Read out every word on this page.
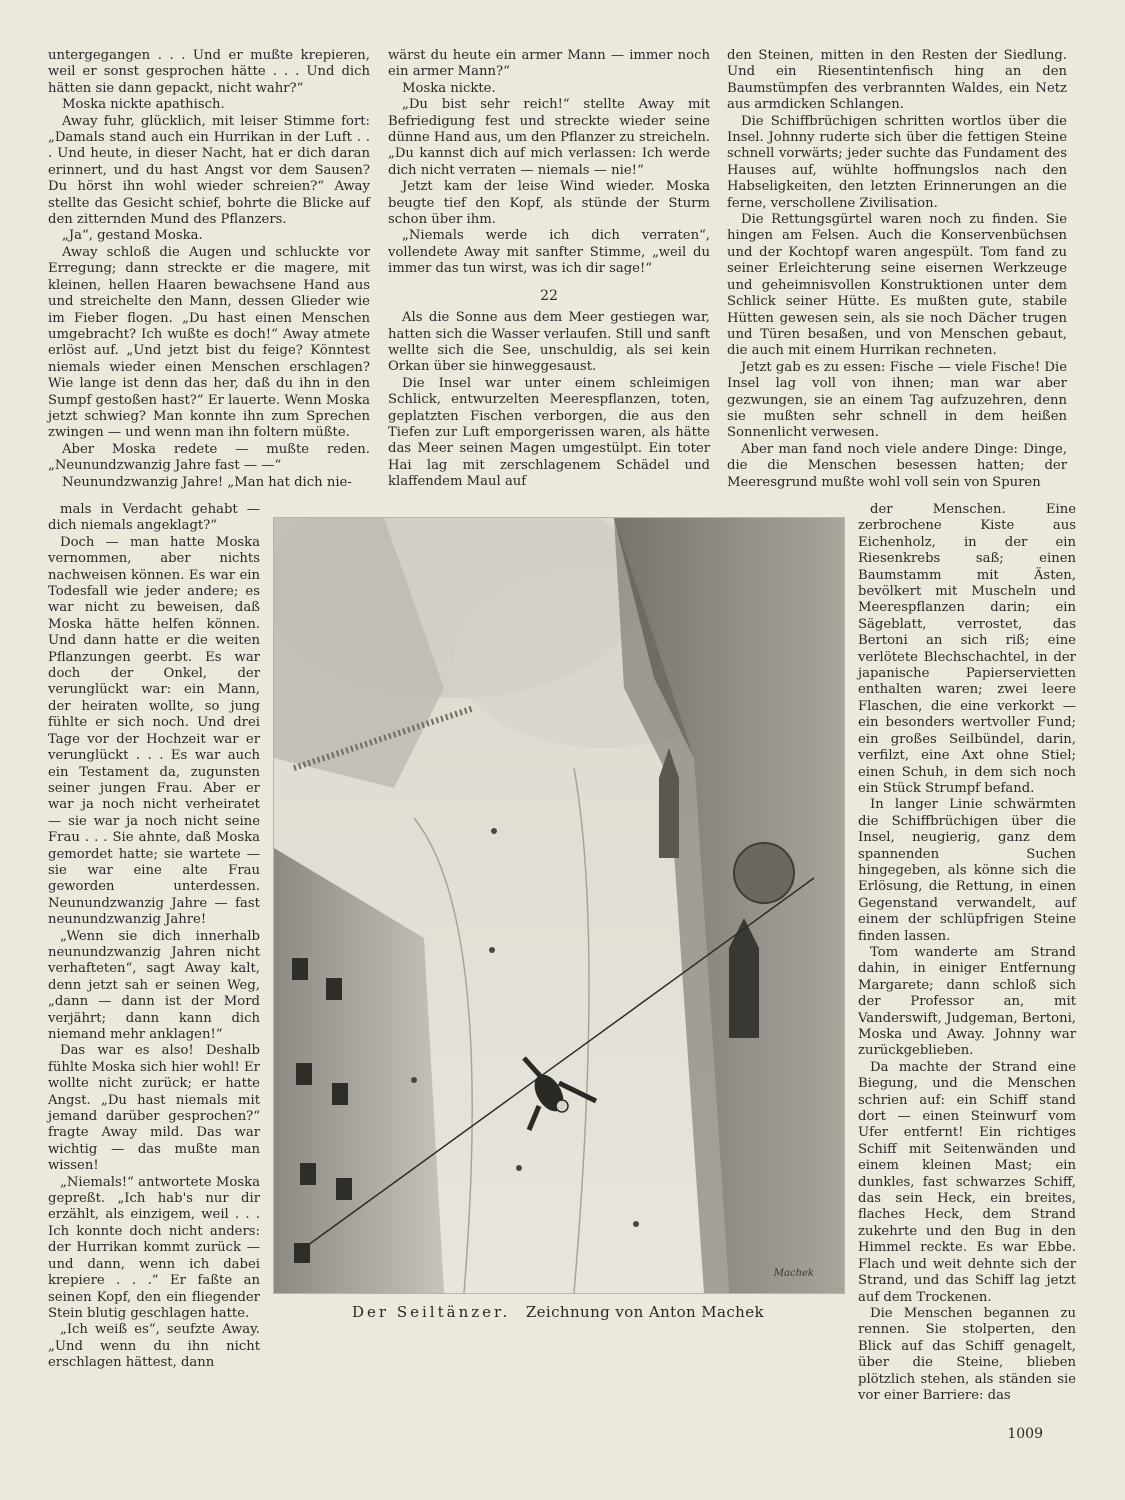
untergegangen . . . Und er mußte krepieren, weil er sonst gesprochen hätte . . . Und dich hätten sie dann gepackt, nicht wahr?“

Moska nickte apathisch.

Away fuhr, glücklich, mit leiser Stimme fort: „Damals stand auch ein Hurrikan in der Luft . . . Und heute, in dieser Nacht, hat er dich daran erinnert, und du hast Angst vor dem Sausen? Du hörst ihn wohl wieder schreien?“ Away stellte das Gesicht schief, bohrte die Blicke auf den zitternden Mund des Pflanzers.

„Ja“, gestand Moska.

Away schloß die Augen und schluckte vor Erregung; dann streckte er die magere, mit kleinen, hellen Haaren bewachsene Hand aus und streichelte den Mann, dessen Glieder wie im Fieber flogen. „Du hast einen Menschen umgebracht? Ich wußte es doch!“ Away atmete erlöst auf. „Und jetzt bist du feige? Könntest niemals wieder einen Menschen erschlagen? Wie lange ist denn das her, daß du ihn in den Sumpf gestoßen hast?“ Er lauerte. Wenn Moska jetzt schwieg? Man konnte ihn zum Sprechen zwingen — und wenn man ihn foltern müßte.

Aber Moska redete — mußte reden. „Neunundzwanzig Jahre fast — —“

Neunundzwanzig Jahre! „Man hat dich nie-

mals in Verdacht gehabt — dich niemals angeklagt?“

Doch — man hatte Moska vernommen, aber nichts nachweisen können. Es war ein Todesfall wie jeder andere; es war nicht zu beweisen, daß Moska hätte helfen können. Und dann hatte er die weiten Pflanzungen geerbt. Es war doch der Onkel, der verunglückt war: ein Mann, der heiraten wollte, so jung fühlte er sich noch. Und drei Tage vor der Hochzeit war er verunglückt . . . Es war auch ein Testament da, zugunsten seiner jungen Frau. Aber er war ja noch nicht verheiratet — sie war ja noch nicht seine Frau . . . Sie ahnte, daß Moska gemordet hatte; sie wartete — sie war eine alte Frau geworden unterdessen. Neunundzwanzig Jahre — fast neunundzwanzig Jahre!

„Wenn sie dich innerhalb neunundzwanzig Jahren nicht verhafteten“, sagt Away kalt, denn jetzt sah er seinen Weg, „dann — dann ist der Mord verjährt; dann kann dich niemand mehr anklagen!“

Das war es also! Deshalb fühlte Moska sich hier wohl! Er wollte nicht zurück; er hatte Angst. „Du hast niemals mit jemand darüber gesprochen?“ fragte Away mild. Das war wichtig — das mußte man wissen!

„Niemals!“ antwortete Moska gepreßt. „Ich hab's nur dir erzählt, als einzigem, weil . . . Ich konnte doch nicht anders: der Hurrikan kommt zurück — und dann, wenn ich dabei krepiere . . .“ Er faßte an seinen Kopf, den ein fliegender Stein blutig geschlagen hatte.

„Ich weiß es“, seufzte Away. „Und wenn du ihn nicht erschlagen hättest, dann

wärst du heute ein armer Mann — immer noch ein armer Mann?“

Moska nickte.

„Du bist sehr reich!“ stellte Away mit Befriedigung fest und streckte wieder seine dünne Hand aus, um den Pflanzer zu streicheln. „Du kannst dich auf mich verlassen: Ich werde dich nicht verraten — niemals — nie!“

Jetzt kam der leise Wind wieder. Moska beugte tief den Kopf, als stünde der Sturm schon über ihm.

„Niemals werde ich dich verraten“, vollendete Away mit sanfter Stimme, „weil du immer das tun wirst, was ich dir sage!“

22

Als die Sonne aus dem Meer gestiegen war, hatten sich die Wasser verlaufen. Still und sanft wellte sich die See, unschuldig, als sei kein Orkan über sie hinweggesaust.

Die Insel war unter einem schleimigen Schlick, entwurzelten Meerespflanzen, toten, geplatzten Fischen verborgen, die aus den Tiefen zur Luft emporgerissen waren, als hätte das Meer seinen Magen umgestülpt. Ein toter Hai lag mit zerschlagenem Schädel und klaffendem Maul auf

den Steinen, mitten in den Resten der Siedlung. Und ein Riesentintenfisch hing an den Baumstümpfen des verbrannten Waldes, ein Netz aus armdicken Schlangen.

Die Schiffbrüchigen schritten wortlos über die Insel. Johnny ruderte sich über die fettigen Steine schnell vorwärts; jeder suchte das Fundament des Hauses auf, wühlte hoffnungslos nach den Habseligkeiten, den letzten Erinnerungen an die ferne, verschollene Zivilisation.

Die Rettungsgürtel waren noch zu finden. Sie hingen am Felsen. Auch die Konservenbüchsen und der Kochtopf waren angespült. Tom fand zu seiner Erleichterung seine eisernen Werkzeuge und geheimnisvollen Konstruktionen unter dem Schlick seiner Hütte. Es mußten gute, stabile Hütten gewesen sein, als sie noch Dächer trugen und Türen besaßen, und von Menschen gebaut, die auch mit einem Hurrikan rechneten.

Jetzt gab es zu essen: Fische — viele Fische! Die Insel lag voll von ihnen; man war aber gezwungen, sie an einem Tag aufzuzehren, denn sie mußten sehr schnell in dem heißen Sonnenlicht verwesen.

Aber man fand noch viele andere Dinge: Dinge, die die Menschen besessen hatten; der Meeresgrund mußte wohl voll sein von Spuren

der Menschen. Eine zerbrochene Kiste aus Eichenholz, in der ein Riesenkrebs saß; einen Baumstamm mit Ästen, bevölkert mit Muscheln und Meerespflanzen darin; ein Sägeblatt, verrostet, das Bertoni an sich riß; eine verlötete Blechschachtel, in der japanische Papierservietten enthalten waren; zwei leere Flaschen, die eine verkorkt — ein besonders wertvoller Fund; ein großes Seilbündel, darin, verfilzt, eine Axt ohne Stiel; einen Schuh, in dem sich noch ein Stück Strumpf befand.

In langer Linie schwärmten die Schiffbrüchigen über die Insel, neugierig, ganz dem spannenden Suchen hingegeben, als könne sich die Erlösung, die Rettung, in einen Gegenstand verwandelt, auf einem der schlüpfrigen Steine finden lassen.

Tom wanderte am Strand dahin, in einiger Entfernung Margarete; dann schloß sich der Professor an, mit Vanderswift, Judgeman, Bertoni, Moska und Away. Johnny war zurückgeblieben.

Da machte der Strand eine Biegung, und die Menschen schrien auf: ein Schiff stand dort — einen Steinwurf vom Ufer entfernt! Ein richtiges Schiff mit Seitenwänden und einem kleinen Mast; ein dunkles, fast schwarzes Schiff, das sein Heck, ein breites, flaches Heck, dem Strand zukehrte und den Bug in den Himmel reckte. Es war Ebbe. Flach und weit dehnte sich der Strand, und das Schiff lag jetzt auf dem Trockenen.

Die Menschen begannen zu rennen. Sie stolperten, den Blick auf das Schiff genagelt, über die Steine, blieben plötzlich stehen, als ständen sie vor einer Barriere: das

Machek
Der Seiltänzer. Zeichnung von Anton Machek
1009
